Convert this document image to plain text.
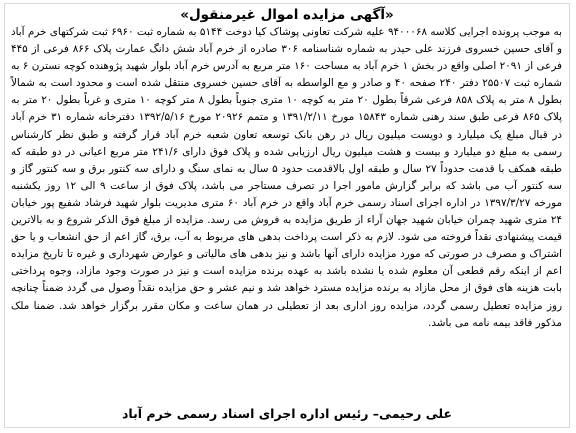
«آگهی مزایده اموال غیرمنقول»

به موجب پرونده اجرایی کلاسه ۹۴۰۰۰۶۸ علیه شرکت تعاونی پوشاک کیا دوخت ۵۱۴۴ به شماره ثبت ۶۹۶۰ ثبت شرکتهای خرم آباد و آقای حسین خسروی فرزند علی حیدر به شماره شناسنامه ۳۰۶ صادره از خرم آباد شش دانگ عمارت پلاک ۸۶۶ فرعی از ۴۴۵ فرعی از ۲۰۹۱ اصلی واقع در بخش ۱ خرم آباد به مساحت ۱۶۰ متر مربع به آدرس خرم آباد بلوار شهید پژوهنده کوچه نسترن ۶ به شماره ثبت ۲۵۵۰۷ دفتر ۲۴۰ صفحه ۴۰ و صادر و مع الواسطه به آقای حسین خسروی منتقل شده است و محدود است به شمالاً بطول ۸ متر به پلاک ۸۵۸ فرعی شرقاً بطول ۲۰ متر به کوچه ۱۰ متری جنوباً بطول ۸ متر کوچه ۱۰ متری و غرباً بطول ۲۰ متر به پلاک ۸۶۵ فرعی طبق سند رهنی شماره ۱۵۸۴۳ مورخ ۱۳۹۱/۲/۱۱ و متمم ۲۰۹۲۶ مورخ ۱۳۹۲/۵/۱۶ دفترخانه شماره ۳۱ خرم آباد در قبال مبلغ یک میلیارد و دویست میلیون ریال در رهن بانک توسعه تعاون شعبه خرم آباد قرار گرفته و طبق نظر کارشناس رسمی به مبلغ دو میلیارد و بیست و هشت میلیون ریال ارزیابی شده و پلاک فوق دارای ۲۴۱/۶ متر مربع اعیانی در دو طبقه که طبقه همکف با قدمت حدوداً ۲۷ سال و طبقه اول بالاقدمت حدود ۵ سال به نمای سنگ و دارای سه کنتور برق و سه کنتور گاز و سه کنتور آب می باشد که برابر گزارش مامور اجرا در تصرف مستاجر می باشد، پلاک فوق از ساعت ۹ الی ۱۲ روز یکشنبه مورخه ۱۳۹۷/۳/۲۷ در اداره اجرای اسناد رسمی خرم آباد واقع در خرم آباد ۶۰ متری مدیریت بلوار شهید فرشاد شفیع پور خیابان ۲۴ متری شهید چمران خیابان شهید جهان آراء از طریق مزایده به فروش می رسد. مزایده از مبلغ فوق الذکر شروع و به بالاترین قیمت پیشنهادی نقداً فروخته می شود. لازم به ذکر است پرداخت بدهی های مربوط به آب، برق، گاز اعم از حق انشعاب و یا حق اشتراک و مصرف در صورتی که مورد مزایده دارای آنها باشد و نیز بدهی های مالیاتی و عوارض شهرداری و غیره تا تاریخ مزایده اعم از اینکه رقم قطعی آن معلوم شده یا نشده باشد به عهده برنده مزایده است و نیز در صورت وجود مازاد، وجوه پرداختی بابت هزینه های فوق از محل مازاد به برنده مزایده مسترد خواهد شد و نیم عشر و حق مزایده نقداً وصول می گردد ضمناً چنانچه روز مزایده تعطیل رسمی گردد، مزایده روز اداری بعد از تعطیلی در همان ساعت و مکان مقرر برگزار خواهد شد. ضمنا ملک مذکور فاقد بیمه نامه می باشد.

علی رحیمی– رئیس اداره اجرای اسناد رسمی خرم آباد
